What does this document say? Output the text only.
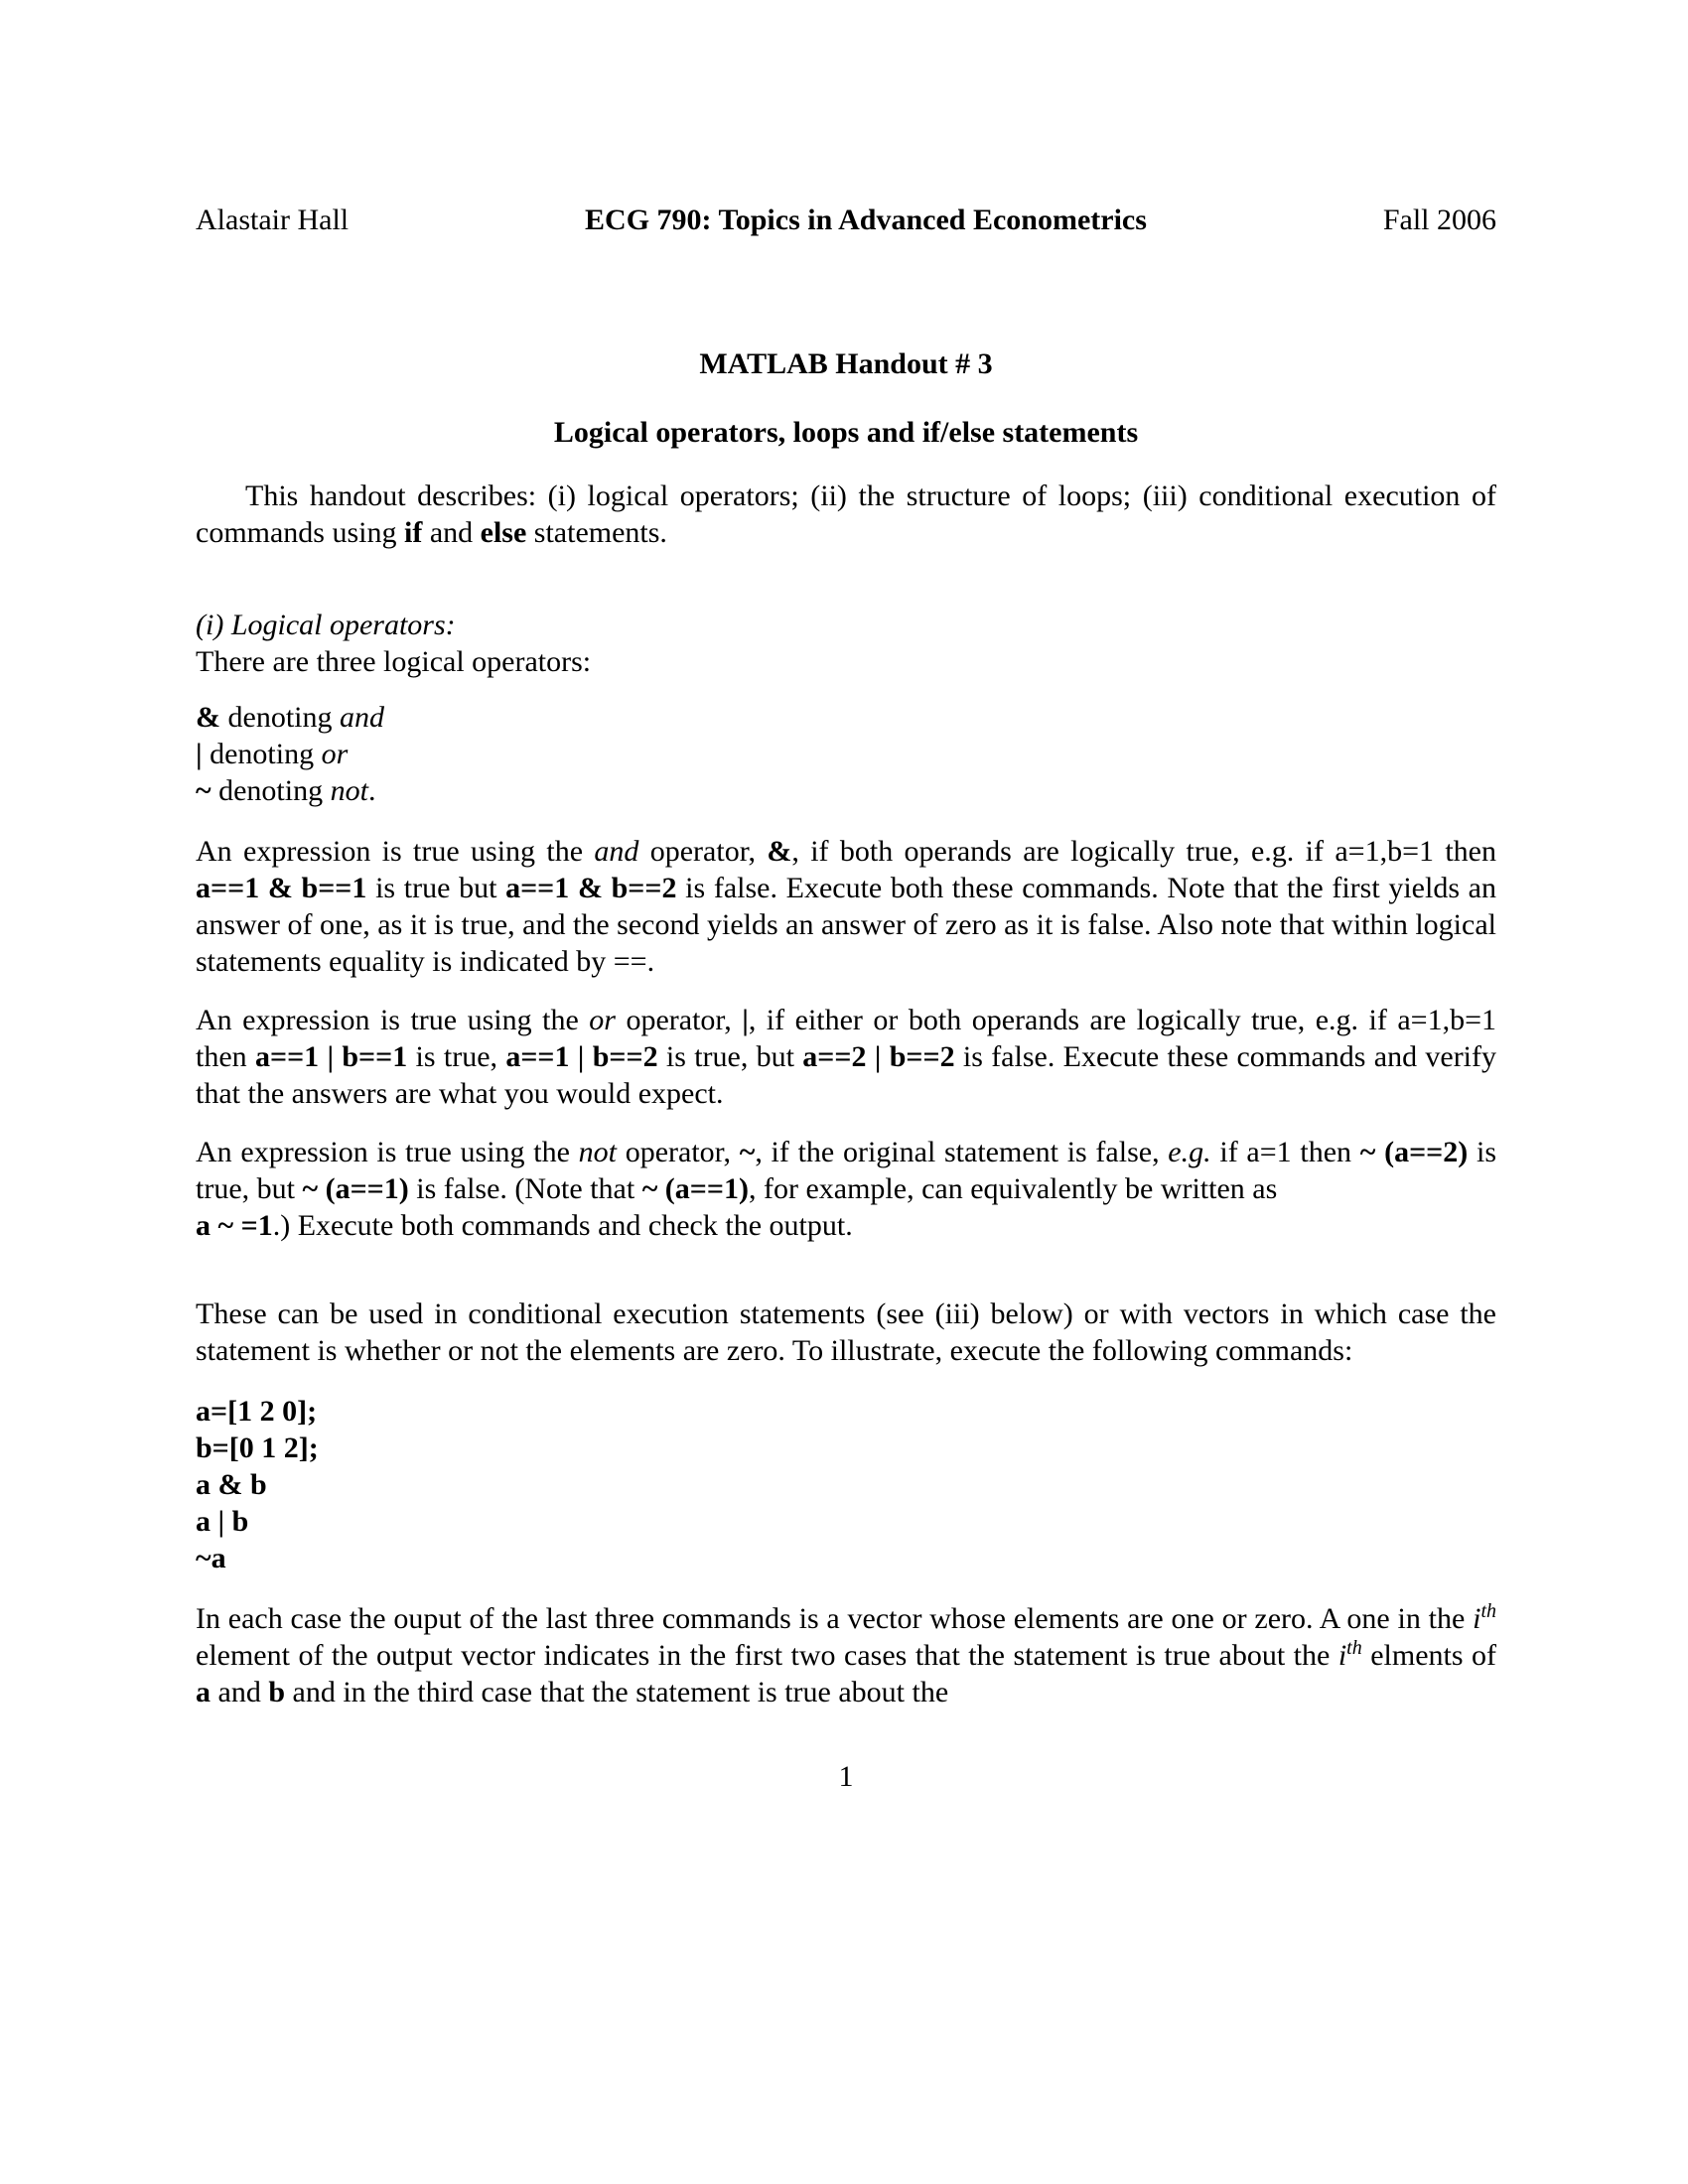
Alastair Hall	ECG 790: Topics in Advanced Econometrics	Fall 2006
MATLAB Handout # 3
Logical operators, loops and if/else statements

This handout describes: (i) logical operators; (ii) the structure of loops; (iii) conditional execution of commands using if and else statements.

(i) Logical operators:
There are three logical operators:
& denoting and
| denoting or
~ denoting not.

An expression is true using the and operator, &, if both operands are logically true, e.g. if a=1,b=1 then a==1 & b==1 is true but a==1 & b==2 is false. Execute both these commands. Note that the first yields an answer of one, as it is true, and the second yields an answer of zero as it is false. Also note that within logical statements equality is indicated by ==.

An expression is true using the or operator, |, if either or both operands are logically true, e.g. if a=1,b=1 then a==1 | b==1 is true, a==1 | b==2 is true, but a==2 | b==2 is false. Execute these commands and verify that the answers are what you would expect.

An expression is true using the not operator, ~, if the original statement is false, e.g. if a=1 then ~ (a==2) is true, but ~ (a==1) is false. (Note that ~ (a==1), for example, can equivalently be written as
a ~ =1.) Execute both commands and check the output.

These can be used in conditional execution statements (see (iii) below) or with vectors in which case the statement is whether or not the elements are zero. To illustrate, execute the following commands:

a=[1 2 0];
b=[0 1 2];
a & b
a | b
~a

In each case the ouput of the last three commands is a vector whose elements are one or zero. A one in the $i^{th}$ element of the output vector indicates in the first two cases that the statement is true about the $i^{th}$ elments of a and b and in the third case that the statement is true about the

1
